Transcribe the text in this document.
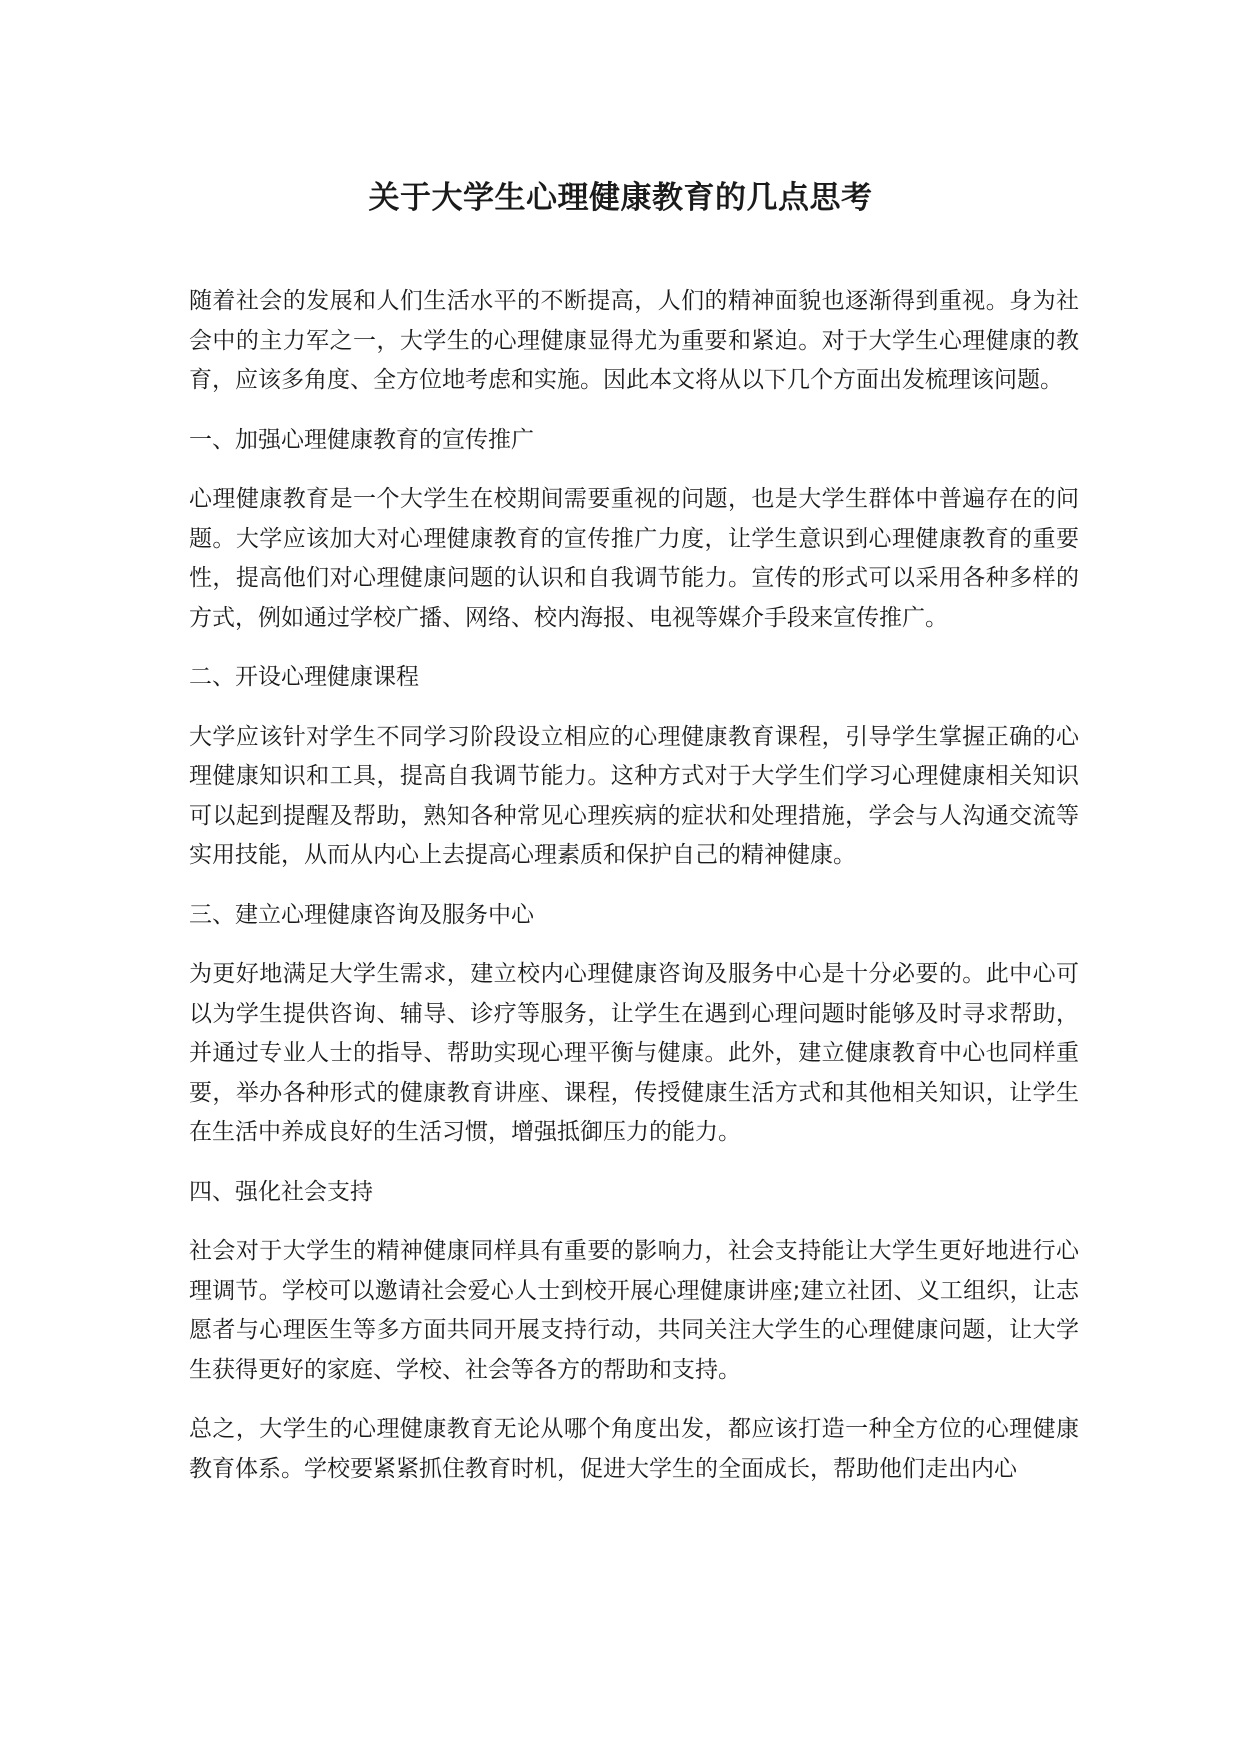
关于大学生心理健康教育的几点思考

随着社会的发展和人们生活水平的不断提高，人们的精神面貌也逐渐得到重视。身为社会中的主力军之一，大学生的心理健康显得尤为重要和紧迫。对于大学生心理健康的教育，应该多角度、全方位地考虑和实施。因此本文将从以下几个方面出发梳理该问题。

一、加强心理健康教育的宣传推广

心理健康教育是一个大学生在校期间需要重视的问题，也是大学生群体中普遍存在的问题。大学应该加大对心理健康教育的宣传推广力度，让学生意识到心理健康教育的重要性，提高他们对心理健康问题的认识和自我调节能力。宣传的形式可以采用各种多样的方式，例如通过学校广播、网络、校内海报、电视等媒介手段来宣传推广。

二、开设心理健康课程

大学应该针对学生不同学习阶段设立相应的心理健康教育课程，引导学生掌握正确的心理健康知识和工具，提高自我调节能力。这种方式对于大学生们学习心理健康相关知识可以起到提醒及帮助，熟知各种常见心理疾病的症状和处理措施，学会与人沟通交流等实用技能，从而从内心上去提高心理素质和保护自己的精神健康。

三、建立心理健康咨询及服务中心

为更好地满足大学生需求，建立校内心理健康咨询及服务中心是十分必要的。此中心可以为学生提供咨询、辅导、诊疗等服务，让学生在遇到心理问题时能够及时寻求帮助，并通过专业人士的指导、帮助实现心理平衡与健康。此外，建立健康教育中心也同样重要，举办各种形式的健康教育讲座、课程，传授健康生活方式和其他相关知识，让学生在生活中养成良好的生活习惯，增强抵御压力的能力。

四、强化社会支持

社会对于大学生的精神健康同样具有重要的影响力，社会支持能让大学生更好地进行心理调节。学校可以邀请社会爱心人士到校开展心理健康讲座;建立社团、义工组织，让志愿者与心理医生等多方面共同开展支持行动，共同关注大学生的心理健康问题，让大学生获得更好的家庭、学校、社会等各方的帮助和支持。

总之，大学生的心理健康教育无论从哪个角度出发，都应该打造一种全方位的心理健康教育体系。学校要紧紧抓住教育时机，促进大学生的全面成长，帮助他们走出内心
